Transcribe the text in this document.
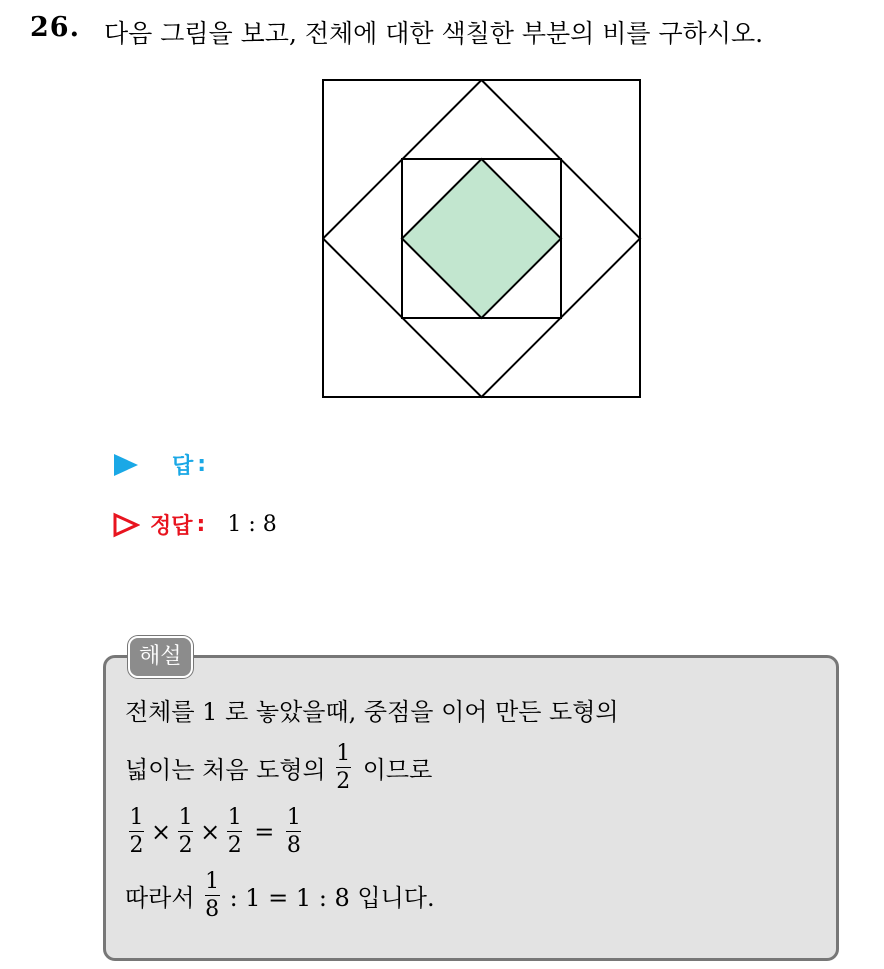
26. 다음 그림을 보고, 전체에 대한 색칠한 부분의 비를 구하시오.
답 :
정답 : 1 : 8
해설
전체를 1 로 놓았을때, 중점을 이어 만든 도형의
넓이는 처음 도형의 $\frac{1}{2}$ 이므로
$\frac{1}{2} \times \frac{1}{2} \times \frac{1}{2} = \frac{1}{8}$
따라서 $\frac{1}{8}$ : 1 = 1 : 8 입니다.
